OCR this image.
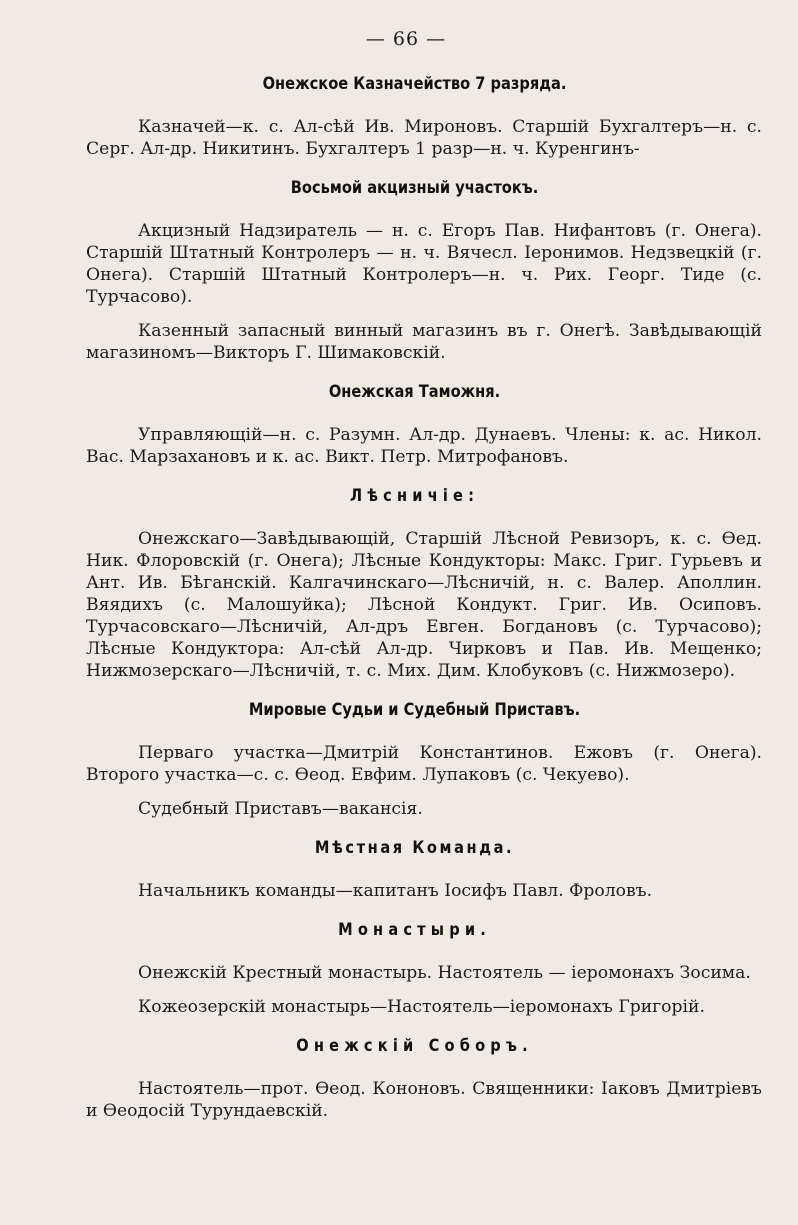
— 66 —
Онежское Казначейство 7 разряда.

Казначей—к. с. Ал-сѣй Ив. Мироновъ. Старшій Бухгалтеръ—н. с. Серг. Ал-др. Никитинъ. Бухгалтеръ 1 разр—н. ч. Куренгинъ-

Восьмой акцизный участокъ.

Акцизный Надзиратель — н. с. Егоръ Пав. Нифантовъ (г. Онега). Старшій Штатный Контролеръ — н. ч. Вячесл. Іеронимов. Недзвецкій (г. Онега). Старшій Штатный Контролеръ—н. ч. Рих. Георг. Тиде (с. Турчасово).

Казенный запасный винный магазинъ въ г. Онегѣ. Завѣдывающій магазиномъ—Викторъ Г. Шимаковскій.

Онежская Таможня.

Управляющій—н. с. Разумн. Ал-др. Дунаевъ. Члены: к. ас. Никол. Вас. Марзахановъ и к. ас. Викт. Петр. Митрофановъ.

Лѣсничіе:

Онежскаго—Завѣдывающій, Старшій Лѣсной Ревизоръ, к. с. Ѳед. Ник. Флоровскій (г. Онега); Лѣсные Кондукторы: Макс. Григ. Гурьевъ и Ант. Ив. Бѣганскій. Калгачинскаго—Лѣсничій, н. с. Валер. Аполлин. Вяядихъ (с. Малошуйка); Лѣсной Кондукт. Григ. Ив. Осиповъ. Турчасовскаго—Лѣсничій, Ал-дръ Евген. Богдановъ (с. Турчасово); Лѣсные Кондуктора: Ал-сѣй Ал-др. Чирковъ и Пав. Ив. Мещенко; Нижмозерскаго—Лѣсничій, т. с. Мих. Дим. Клобуковъ (с. Нижмозеро).

Мировые Судьи и Судебный Приставъ.

Перваго участка—Дмитрій Константинов. Ежовъ (г. Онега). Второго участка—с. с. Ѳеод. Евфим. Лупаковъ (с. Чекуево).

Судебный Приставъ—вакансія.

Мѣстная Команда.

Начальникъ команды—капитанъ Іосифъ Павл. Фроловъ.

Монастыри.

Онежскій Крестный монастырь. Настоятель — іеромонахъ Зосима.

Кожеозерскій монастырь—Настоятель—іеромонахъ Григорій.

Онежскій Соборъ.

Настоятель—прот. Ѳеод. Кононовъ. Священники: Іаковъ Дмитріевъ и Ѳеодосій Турундаевскій.
